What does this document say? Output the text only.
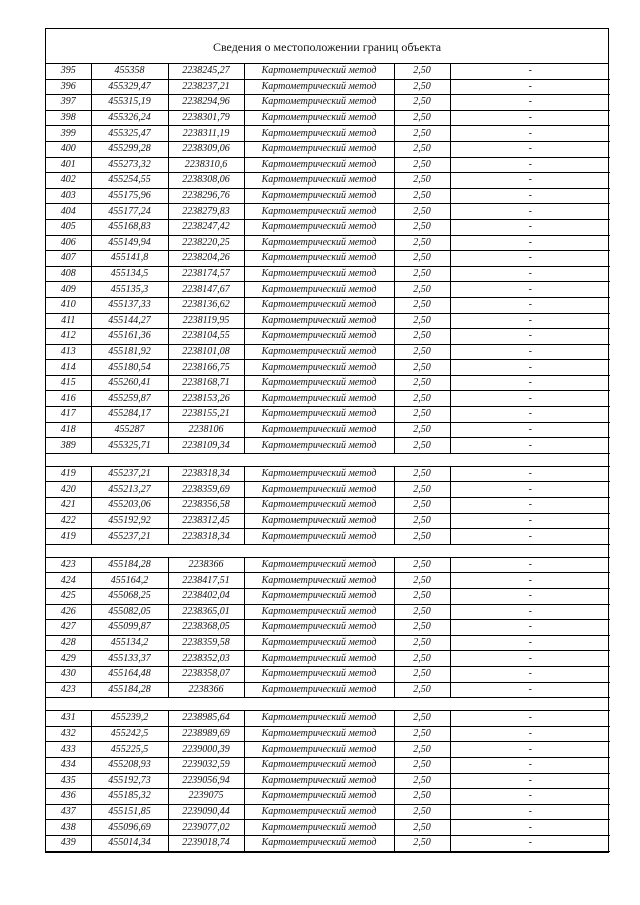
Сведения о местоположении границ объекта
395	455358	2238245,27	Картометрический метод	2,50	-
396	455329,47	2238237,21	Картометрический метод	2,50	-
397	455315,19	2238294,96	Картометрический метод	2,50	-
398	455326,24	2238301,79	Картометрический метод	2,50	-
399	455325,47	2238311,19	Картометрический метод	2,50	-
400	455299,28	2238309,06	Картометрический метод	2,50	-
401	455273,32	2238310,6	Картометрический метод	2,50	-
402	455254,55	2238308,06	Картометрический метод	2,50	-
403	455175,96	2238296,76	Картометрический метод	2,50	-
404	455177,24	2238279,83	Картометрический метод	2,50	-
405	455168,83	2238247,42	Картометрический метод	2,50	-
406	455149,94	2238220,25	Картометрический метод	2,50	-
407	455141,8	2238204,26	Картометрический метод	2,50	-
408	455134,5	2238174,57	Картометрический метод	2,50	-
409	455135,3	2238147,67	Картометрический метод	2,50	-
410	455137,33	2238136,62	Картометрический метод	2,50	-
411	455144,27	2238119,95	Картометрический метод	2,50	-
412	455161,36	2238104,55	Картометрический метод	2,50	-
413	455181,92	2238101,08	Картометрический метод	2,50	-
414	455180,54	2238166,75	Картометрический метод	2,50	-
415	455260,41	2238168,71	Картометрический метод	2,50	-
416	455259,87	2238153,26	Картометрический метод	2,50	-
417	455284,17	2238155,21	Картометрический метод	2,50	-
418	455287	2238106	Картометрический метод	2,50	-
389	455325,71	2238109,34	Картометрический метод	2,50	-

419	455237,21	2238318,34	Картометрический метод	2,50	-
420	455213,27	2238359,69	Картометрический метод	2,50	-
421	455203,06	2238356,58	Картометрический метод	2,50	-
422	455192,92	2238312,45	Картометрический метод	2,50	-
419	455237,21	2238318,34	Картометрический метод	2,50	-

423	455184,28	2238366	Картометрический метод	2,50	-
424	455164,2	2238417,51	Картометрический метод	2,50	-
425	455068,25	2238402,04	Картометрический метод	2,50	-
426	455082,05	2238365,01	Картометрический метод	2,50	-
427	455099,87	2238368,05	Картометрический метод	2,50	-
428	455134,2	2238359,58	Картометрический метод	2,50	-
429	455133,37	2238352,03	Картометрический метод	2,50	-
430	455164,48	2238358,07	Картометрический метод	2,50	-
423	455184,28	2238366	Картометрический метод	2,50	-

431	455239,2	2238985,64	Картометрический метод	2,50	-
432	455242,5	2238989,69	Картометрический метод	2,50	-
433	455225,5	2239000,39	Картометрический метод	2,50	-
434	455208,93	2239032,59	Картометрический метод	2,50	-
435	455192,73	2239056,94	Картометрический метод	2,50	-
436	455185,32	2239075	Картометрический метод	2,50	-
437	455151,85	2239090,44	Картометрический метод	2,50	-
438	455096,69	2239077,02	Картометрический метод	2,50	-
439	455014,34	2239018,74	Картометрический метод	2,50	-
